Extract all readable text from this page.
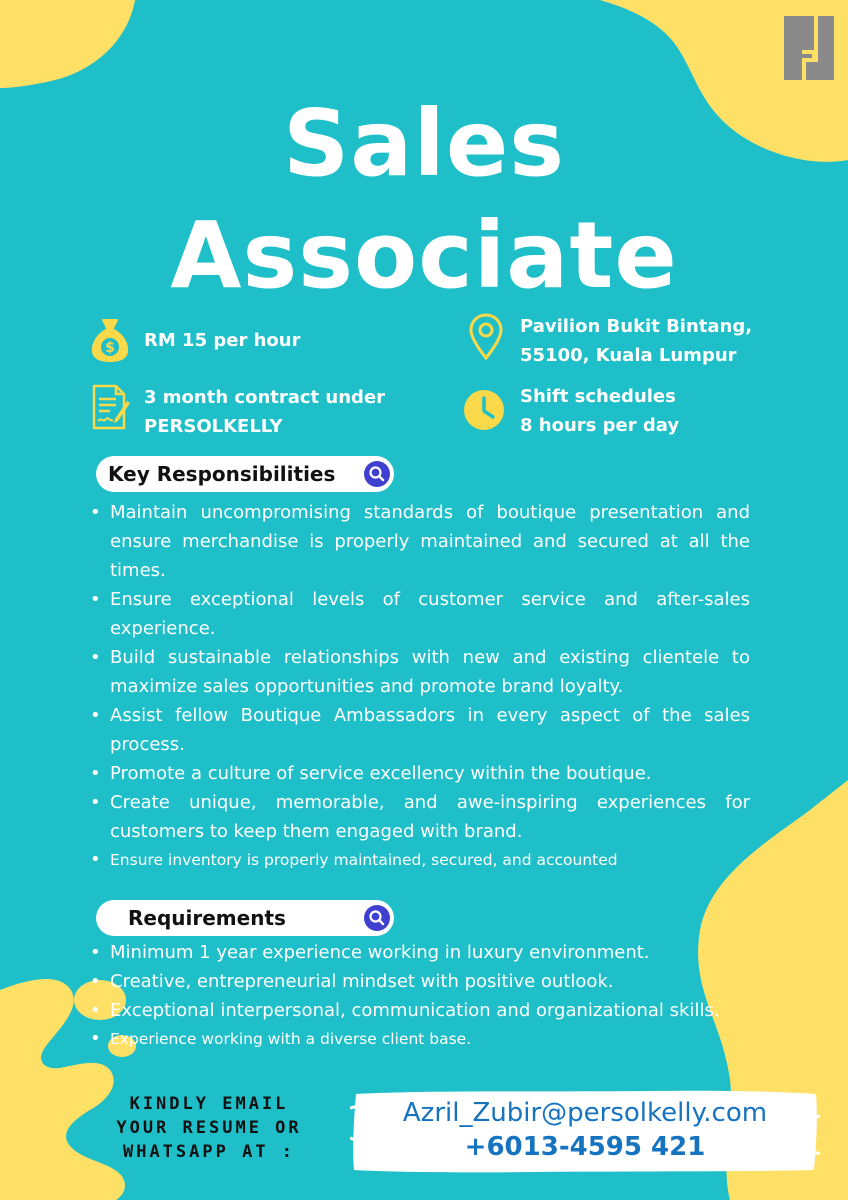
Sales
Associate
$ RM 15 per hour
Pavilion Bukit Bintang,
55100, Kuala Lumpur
3 month contract under
PERSOLKELLY
Shift schedules
8 hours per day
Key Responsibilities
• Maintain uncompromising standards of boutique presentation and ensure merchandise is properly maintained and secured at all the times.
• Ensure exceptional levels of customer service and after-sales experience.
• Build sustainable relationships with new and existing clientele to maximize sales opportunities and promote brand loyalty.
• Assist fellow Boutique Ambassadors in every aspect of the sales process.
• Promote a culture of service excellency within the boutique.
• Create unique, memorable, and awe-inspiring experiences for customers to keep them engaged with brand.
• Ensure inventory is properly maintained, secured, and accounted
Requirements
• Minimum 1 year experience working in luxury environment.
• Creative, entrepreneurial mindset with positive outlook.
• Exceptional interpersonal, communication and organizational skills.
• Experience working with a diverse client base.
KINDLY EMAIL
YOUR RESUME OR
WHATSAPP AT :
Azril_Zubir@persolkelly.com
+6013-4595 421
